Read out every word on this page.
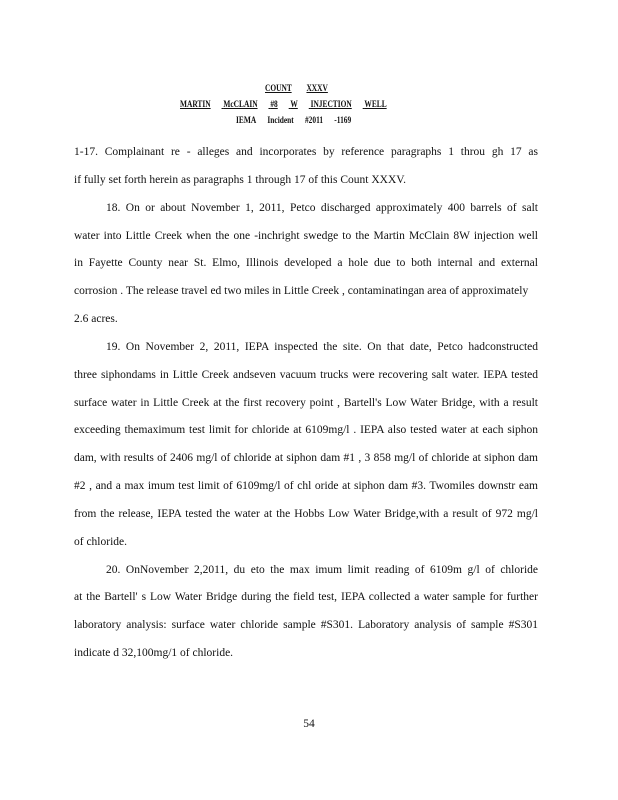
COUNT XXXV
MARTIN McCLAIN #8 W INJECTION WELL
IEMA Incident #2011 -1169
1-17. Complainant re - alleges and incorporates by reference paragraphs 1 throu gh 17 as
if fully set forth herein as paragraphs 1 through 17 of this Count XXXV.
18. On or about November 1, 2011, Petco discharged approximately 400 barrels of salt
water into Little Creek when the one -inchright swedge to the Martin McClain 8W injection well
in Fayette County near St. Elmo, Illinois developed a hole due to both internal and external
corrosion . The release travel ed two miles in Little Creek , contaminatingan area of approximately
2.6 acres.
19. On November 2, 2011, IEPA inspected the site. On that date, Petco hadconstructed
three siphondams in Little Creek andseven vacuum trucks were recovering salt water. IEPA tested
surface water in Little Creek at the first recovery point , Bartell's Low Water Bridge, with a result
exceeding themaximum test limit for chloride at 6109mg/l . IEPA also tested water at each siphon
dam, with results of 2406 mg/l of chloride at siphon dam #1 , 3 858 mg/l of chloride at siphon dam
#2 , and a max imum test limit of 6109mg/l of chl oride at siphon dam #3. Twomiles downstr eam
from the release, IEPA tested the water at the Hobbs Low Water Bridge,with a result of 972 mg/l
of chloride.
20. OnNovember 2,2011, du eto the max imum limit reading of 6109m g/l of chloride
at the Bartell' s Low Water Bridge during the field test, IEPA collected a water sample for further
laboratory analysis: surface water chloride sample #S301. Laboratory analysis of sample #S301
indicate d 32,100mg/1 of chloride.
54
